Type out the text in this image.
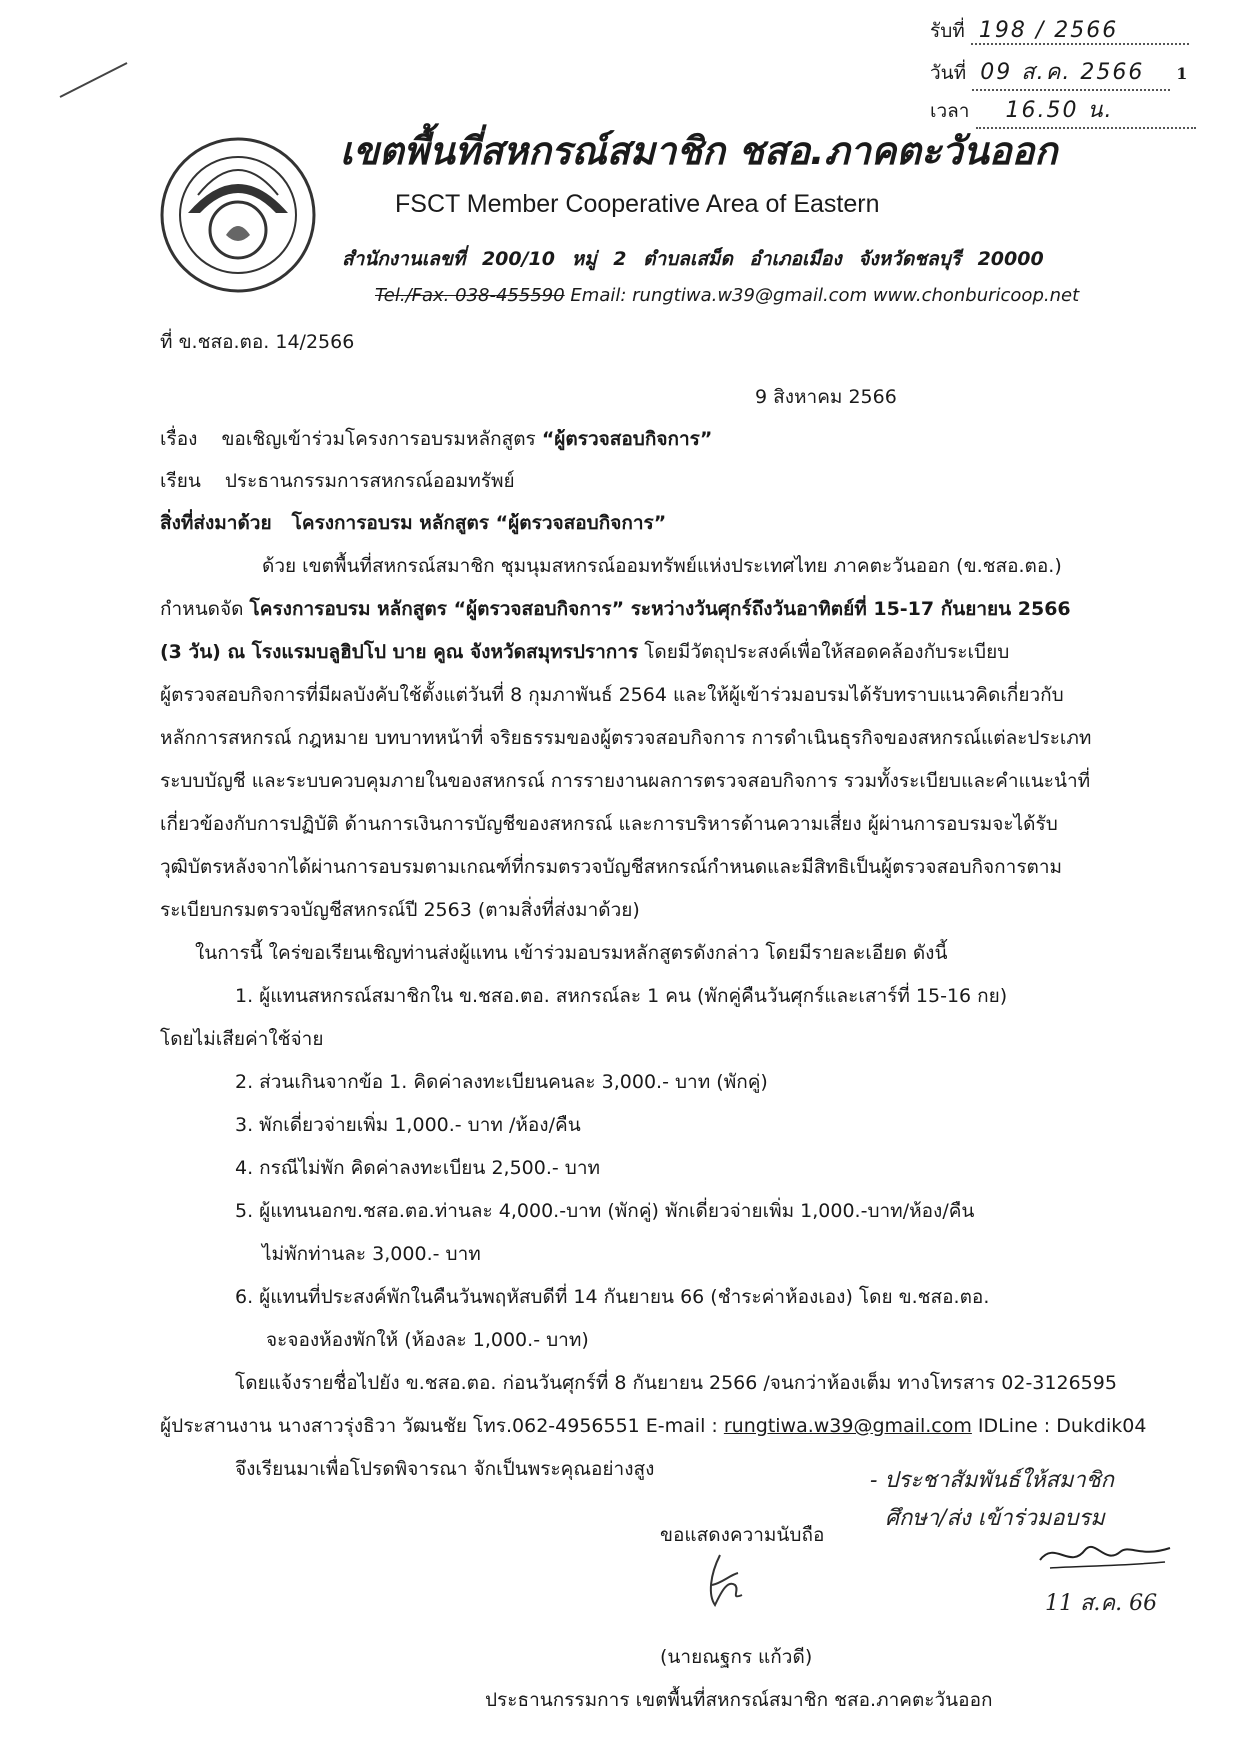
รับที่ 198 / 2566
วันที่ 09 ส.ค. 2566 1
เวลา 16.50 น.
เขตพื้นที่สหกรณ์สมาชิก ชสอ.ภาคตะวันออก
FSCT Member Cooperative Area of Eastern
สำนักงานเลขที่ 200/10 หมู่ 2 ตำบลเสม็ด อำเภอเมือง จังหวัดชลบุรี 20000
Tel./Fax. 038-455590 Email: rungtiwa.w39@gmail.com www.chonburicoop.net
ที่ ข.ชสอ.ตอ. 14/2566
9 สิงหาคม 2566
เรื่อง ขอเชิญเข้าร่วมโครงการอบรมหลักสูตร “ผู้ตรวจสอบกิจการ”
เรียน ประธานกรรมการสหกรณ์ออมทรัพย์
สิ่งที่ส่งมาด้วย โครงการอบรม หลักสูตร “ผู้ตรวจสอบกิจการ”
ด้วย เขตพื้นที่สหกรณ์สมาชิก ชุมนุมสหกรณ์ออมทรัพย์แห่งประเทศไทย ภาคตะวันออก (ข.ชสอ.ตอ.)
กำหนดจัด โครงการอบรม หลักสูตร “ผู้ตรวจสอบกิจการ” ระหว่างวันศุกร์ถึงวันอาทิตย์ที่ 15-17 กันยายน 2566
(3 วัน) ณ โรงแรมบลูฮิปโป บาย คูณ จังหวัดสมุทรปราการ โดยมีวัตถุประสงค์เพื่อให้สอดคล้องกับระเบียบ
ผู้ตรวจสอบกิจการที่มีผลบังคับใช้ตั้งแต่วันที่ 8 กุมภาพันธ์ 2564 และให้ผู้เข้าร่วมอบรมได้รับทราบแนวคิดเกี่ยวกับ
หลักการสหกรณ์ กฎหมาย บทบาทหน้าที่ จริยธรรมของผู้ตรวจสอบกิจการ การดำเนินธุรกิจของสหกรณ์แต่ละประเภท
ระบบบัญชี และระบบควบคุมภายในของสหกรณ์ การรายงานผลการตรวจสอบกิจการ รวมทั้งระเบียบและคำแนะนำที่
เกี่ยวข้องกับการปฏิบัติ ด้านการเงินการบัญชีของสหกรณ์ และการบริหารด้านความเสี่ยง ผู้ผ่านการอบรมจะได้รับ
วุฒิบัตรหลังจากได้ผ่านการอบรมตามเกณฑ์ที่กรมตรวจบัญชีสหกรณ์กำหนดและมีสิทธิเป็นผู้ตรวจสอบกิจการตาม
ระเบียบกรมตรวจบัญชีสหกรณ์ปี 2563 (ตามสิ่งที่ส่งมาด้วย)
ในการนี้ ใคร่ขอเรียนเชิญท่านส่งผู้แทน เข้าร่วมอบรมหลักสูตรดังกล่าว โดยมีรายละเอียด ดังนี้
1. ผู้แทนสหกรณ์สมาชิกใน ข.ชสอ.ตอ. สหกรณ์ละ 1 คน (พักคู่คืนวันศุกร์และเสาร์ที่ 15-16 กย)
โดยไม่เสียค่าใช้จ่าย
2. ส่วนเกินจากข้อ 1. คิดค่าลงทะเบียนคนละ 3,000.- บาท (พักคู่)
3. พักเดี่ยวจ่ายเพิ่ม 1,000.- บาท /ห้อง/คืน
4. กรณีไม่พัก คิดค่าลงทะเบียน 2,500.- บาท
5. ผู้แทนนอกข.ชสอ.ตอ.ท่านละ 4,000.-บาท (พักคู่) พักเดี่ยวจ่ายเพิ่ม 1,000.-บาท/ห้อง/คืน
ไม่พักท่านละ 3,000.- บาท
6. ผู้แทนที่ประสงค์พักในคืนวันพฤหัสบดีที่ 14 กันยายน 66 (ชำระค่าห้องเอง) โดย ข.ชสอ.ตอ.
จะจองห้องพักให้ (ห้องละ 1,000.- บาท)
โดยแจ้งรายชื่อไปยัง ข.ชสอ.ตอ. ก่อนวันศุกร์ที่ 8 กันยายน 2566 /จนกว่าห้องเต็ม ทางโทรสาร 02-3126595
ผู้ประสานงาน นางสาวรุ่งธิวา วัฒนชัย โทร.062-4956551 E-mail : rungtiwa.w39@gmail.com IDLine : Dukdik04
จึงเรียนมาเพื่อโปรดพิจารณา จักเป็นพระคุณอย่างสูง
ขอแสดงความนับถือ
(นายณฐกร แก้วดี)
ประธานกรรมการ เขตพื้นที่สหกรณ์สมาชิก ชสอ.ภาคตะวันออก
- ประชาสัมพันธ์ให้สมาชิก
ศึกษา/ส่ง เข้าร่วมอบรม
11 ส.ค. 66
